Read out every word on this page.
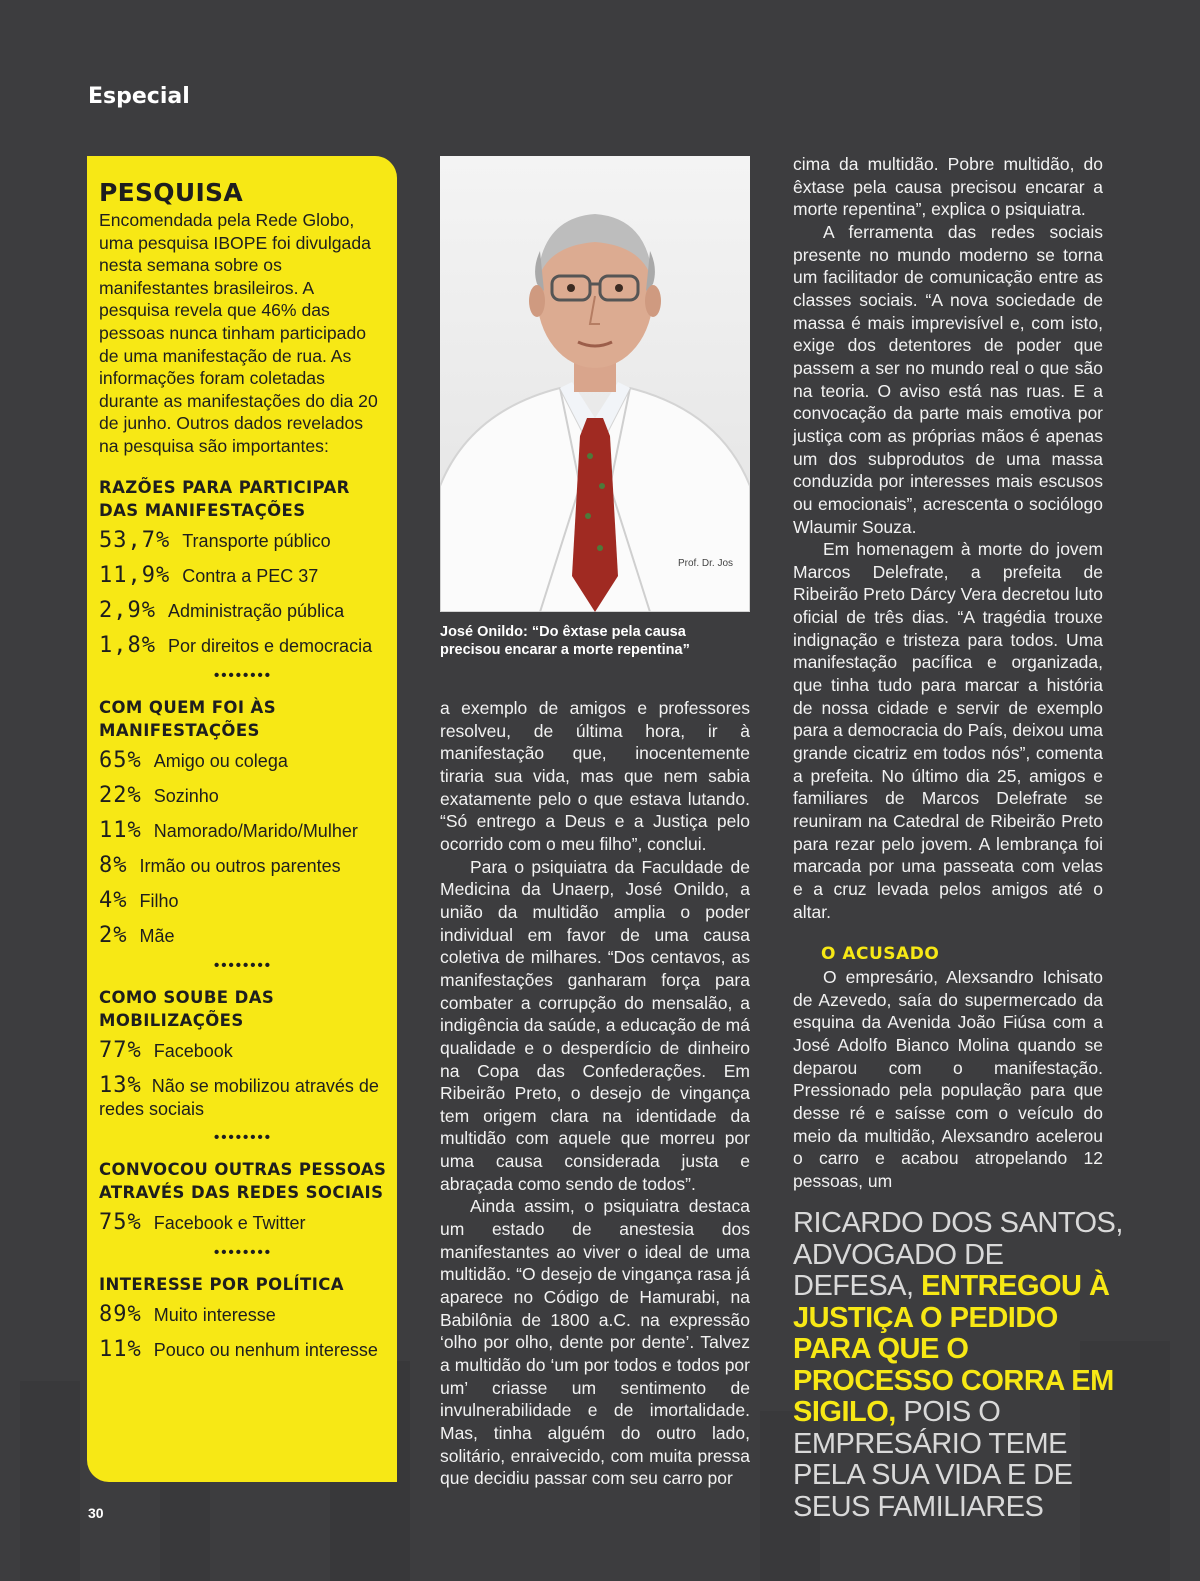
Especial
PESQUISA
Encomendada pela Rede Globo, uma pesquisa IBOPE foi divulgada nesta semana sobre os manifestantes brasileiros. A pesquisa revela que 46% das pessoas nunca tinham participado de uma manifestação de rua. As informações foram coletadas durante as manifestações do dia 20 de junho. Outros dados revelados na pesquisa são importantes:
RAZÕES PARA PARTICIPAR DAS MANIFESTAÇÕES
53,7% Transporte público
11,9% Contra a PEC 37
2,9% Administração pública
1,8% Por direitos e democracia
••••••••
COM QUEM FOI ÀS MANIFESTAÇÕES
65% Amigo ou colega
22% Sozinho
11% Namorado/Marido/Mulher
8% Irmão ou outros parentes
4% Filho
2% Mãe
••••••••
COMO SOUBE DAS MOBILIZAÇÕES
77% Facebook
13% Não se mobilizou através de redes sociais
••••••••
CONVOCOU OUTRAS PESSOAS ATRAVÉS DAS REDES SOCIAIS
75% Facebook e Twitter
••••••••
INTERESSE POR POLÍTICA
89% Muito interesse
11% Pouco ou nenhum interesse
Prof. Dr. Jos
José Onildo: “Do êxtase pela causa precisou encarar a morte repentina”

a exemplo de amigos e professores resolveu, de última hora, ir à manifestação que, inocentemente tiraria sua vida, mas que nem sabia exatamente pelo o que estava lutando. “Só entrego a Deus e a Justiça pelo ocorrido com o meu filho”, conclui.

Para o psiquiatra da Faculdade de Medicina da Unaerp, José Onildo, a união da multidão amplia o poder individual em favor de uma causa coletiva de milhares. “Dos centavos, as manifestações ganharam força para combater a corrupção do mensalão, a indigência da saúde, a educação de má qualidade e o desperdício de dinheiro na Copa das Confederações. Em Ribeirão Preto, o desejo de vingança tem origem clara na identidade da multidão com aquele que morreu por uma causa considerada justa e abraçada como sendo de todos”.

Ainda assim, o psiquiatra destaca um estado de anestesia dos manifestantes ao viver o ideal de uma multidão. “O desejo de vingança rasa já aparece no Código de Hamurabi, na Babilônia de 1800 a.C. na expressão ‘olho por olho, dente por dente’. Talvez a multidão do ‘um por todos e todos por um’ criasse um sentimento de invulnerabilidade e de imortalidade. Mas, tinha alguém do outro lado, solitário, enraivecido, com muita pressa que decidiu passar com seu carro por

cima da multidão. Pobre multidão, do êxtase pela causa precisou encarar a morte repentina”, explica o psiquiatra.

A ferramenta das redes sociais presente no mundo moderno se torna um facilitador de comunicação entre as classes sociais. “A nova sociedade de massa é mais imprevisível e, com isto, exige dos detentores de poder que passem a ser no mundo real o que são na teoria. O aviso está nas ruas. E a convocação da parte mais emotiva por justiça com as próprias mãos é apenas um dos subprodutos de uma massa conduzida por interesses mais escusos ou emocionais”, acrescenta o sociólogo Wlaumir Souza.

Em homenagem à morte do jovem Marcos Delefrate, a prefeita de Ribeirão Preto Dárcy Vera decretou luto oficial de três dias. “A tragédia trouxe indignação e tristeza para todos. Uma manifestação pacífica e organizada, que tinha tudo para marcar a história de nossa cidade e servir de exemplo para a democracia do País, deixou uma grande cicatriz em todos nós”, comenta a prefeita. No último dia 25, amigos e familiares de Marcos Delefrate se reuniram na Catedral de Ribeirão Preto para rezar pelo jovem. A lembrança foi marcada por uma passeata com velas e a cruz levada pelos amigos até o altar.

O ACUSADO

O empresário, Alexsandro Ichisato de Azevedo, saía do supermercado da esquina da Avenida João Fiúsa com a José Adolfo Bianco Molina quando se deparou com o manifestação. Pressionado pela população para que desse ré e saísse com o veículo do meio da multidão, Alexsandro acelerou o carro e acabou atropelando 12 pessoas, um

RICARDO DOS SANTOS, ADVOGADO DE DEFESA, ENTREGOU À JUSTIÇA O PEDIDO PARA QUE O PROCESSO CORRA EM SIGILO, POIS O EMPRESÁRIO TEME PELA SUA VIDA E DE SEUS FAMILIARES
30
